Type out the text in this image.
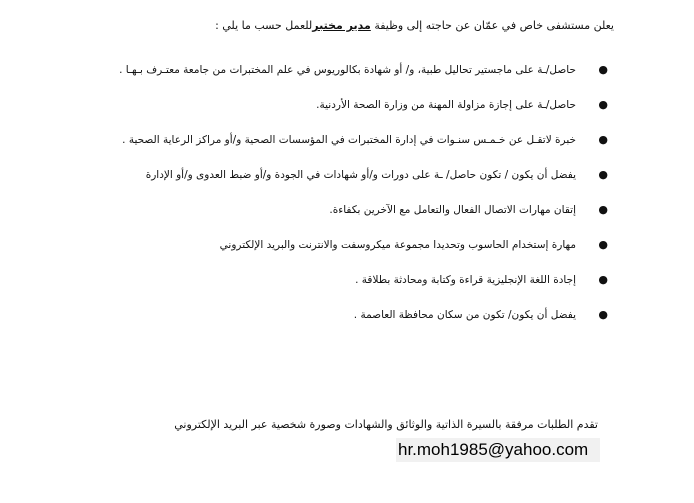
يعلن مستشفى خاص في عمّان عن حاجته إلى وظيفة مدير مختبرللعمل حسب ما يلي :

●
حاصل/ـة على ماجستير تحاليل طبية، و/ أو شهادة بكالوريوس في علم المختبرات من جامعة معتـرف بـهـا .
●
حاصل/ـة على إجازة مزاولة المهنة من وزارة الصحة الأردنية.
●
خبرة لاتقـل عن خـمـس سنـوات في إدارة المختبرات في المؤسسات الصحية و/أو مراكز الرعاية الصحية .
●
يفضل أن يكون / تكون حاصل/ ـة على دورات و/أو شهادات في الجودة و/أو ضبط العدوى و/أو الإدارة
●
إتقان مهارات الاتصال الفعال والتعامل مع الآخرين بكفاءة.
●
مهارة إستخدام الحاسوب وتحديدا مجموعة ميكروسفت والانترنت والبريد الإلكتروني
●
إجادة اللغة الإنجليزية قراءة وكتابة ومحادثة بطلاقة .
●
يفضل أن يكون/ تكون من سكان محافظة العاصمة .

تقدم الطلبات مرفقة بالسيرة الذاتية والوثائق والشهادات وصورة شخصية عبر البريد الإلكتروني

hr.moh1985@yahoo.com
